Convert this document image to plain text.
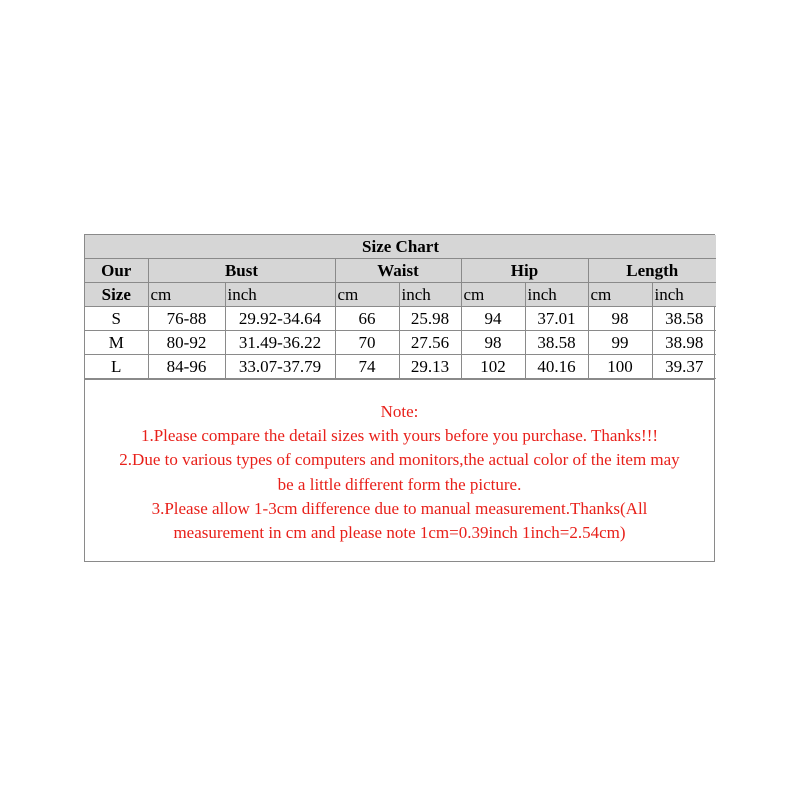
Size Chart								
Our	Bust		Waist		Hip		Length	
Size	cm	inch	cm	inch	cm	inch	cm	inch
S	76-88	29.92-34.64	66	25.98	94	37.01	98	38.58
M	80-92	31.49-36.22	70	27.56	98	38.58	99	38.98
L	84-96	33.07-37.79	74	29.13	102	40.16	100	39.37
Note:
1.Please compare the detail sizes with yours before you purchase. Thanks!!!
2.Due to various types of computers and monitors,the actual color of the item may
be a little different form the picture.
3.Please allow 1-3cm difference due to manual measurement.Thanks(All
measurement in cm and please note 1cm=0.39inch 1inch=2.54cm)
